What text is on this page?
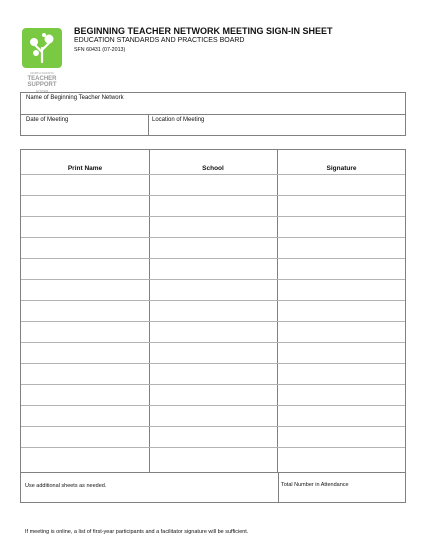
NORTH DAKOTA
TEACHER
SUPPORT
SYSTEM
BEGINNING TEACHER NETWORK MEETING SIGN-IN SHEET
EDUCATION STANDARDS AND PRACTICES BOARD
SFN 60431 (07-2013)
Name of Beginning Teacher Network
Date of Meeting	Location of Meeting
Print Name	School	Signature
Use additional sheets as needed.	Total Number in Attendance
If meeting is online, a list of first-year participants and a facilitator signature will be sufficient.
